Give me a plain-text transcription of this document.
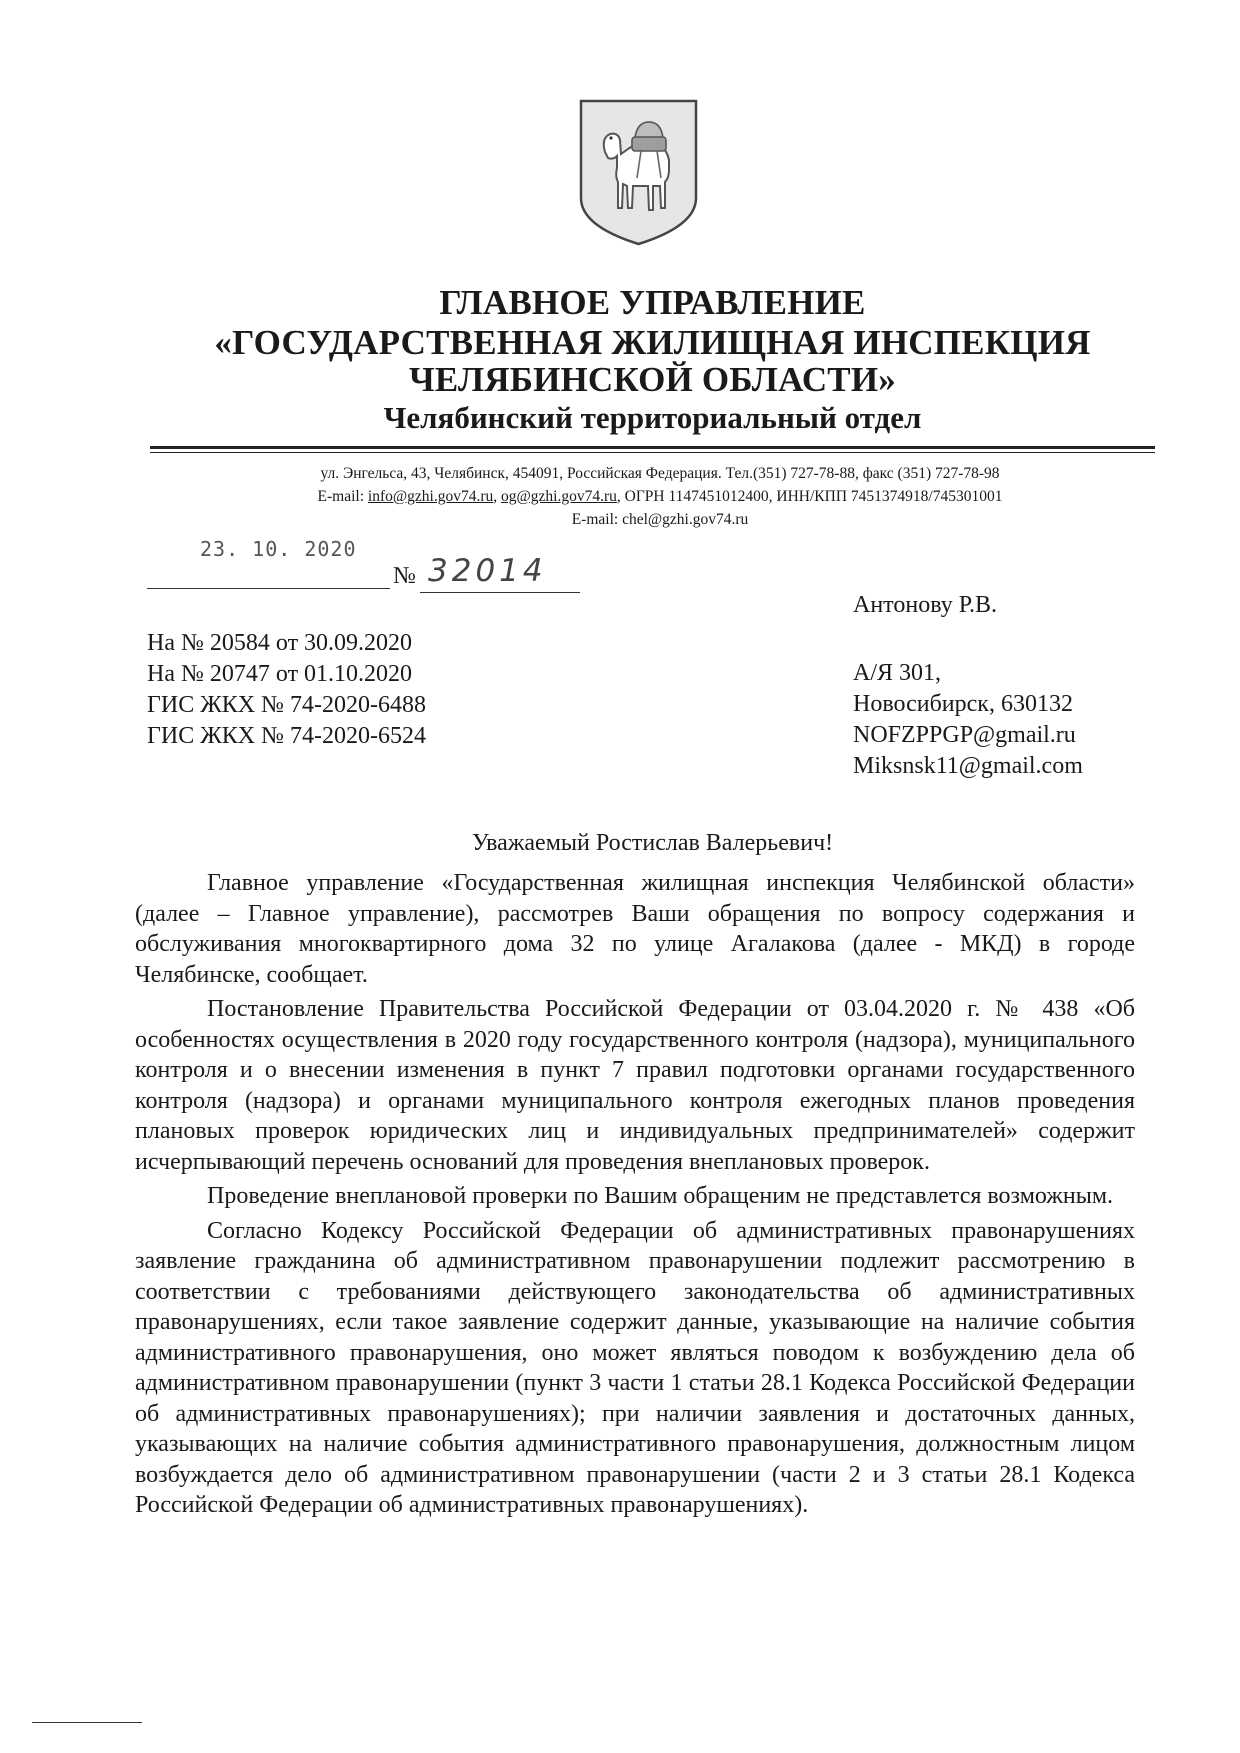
ГЛАВНОЕ УПРАВЛЕНИЕ
«ГОСУДАРСТВЕННАЯ ЖИЛИЩНАЯ ИНСПЕКЦИЯ
ЧЕЛЯБИНСКОЙ ОБЛАСТИ»
Челябинский территориальный отдел
ул. Энгельса, 43, Челябинск, 454091, Российская Федерация. Тел.(351) 727-78-88, факс (351) 727-78-98
E-mail: info@gzhi.gov74.ru, og@gzhi.gov74.ru, ОГРН 1147451012400, ИНН/КПП 7451374918/745301001
E-mail: chel@gzhi.gov74.ru
23. 10. 2020
№ 32014
Антонову Р.В.
А/Я 301,
Новосибирск, 630132
NOFZPPGP@gmail.ru
Miksnsk11@gmail.com
На № 20584 от 30.09.2020
На № 20747 от 01.10.2020
ГИС ЖКХ № 74-2020-6488
ГИС ЖКХ № 74-2020-6524
Уважаемый Ростислав Валерьевич!

Главное управление «Государственная жилищная инспекция Челябинской области» (далее – Главное управление), рассмотрев Ваши обращения по вопросу содержания и обслуживания многоквартирного дома 32 по улице Агалакова (далее - МКД) в городе Челябинске, сообщает.

Постановление Правительства Российской Федерации от 03.04.2020 г. № 438 «Об особенностях осуществления в 2020 году государственного контроля (надзора), муниципального контроля и о внесении изменения в пункт 7 правил подготовки органами государственного контроля (надзора) и органами муниципального контроля ежегодных планов проведения плановых проверок юридических лиц и индивидуальных предпринимателей» содержит исчерпывающий перечень оснований для проведения внеплановых проверок.

Проведение внеплановой проверки по Вашим обращеним не представлется возможным.

Согласно Кодексу Российской Федерации об административных правонарушениях заявление гражданина об административном правонарушении подлежит рассмотрению в соответствии с требованиями действующего законодательства об административных правонарушениях, если такое заявление содержит данные, указывающие на наличие события административного правонарушения, оно может являться поводом к возбуждению дела об административном правонарушении (пункт 3 части 1 статьи 28.1 Кодекса Российской Федерации об административных правонарушениях); при наличии заявления и достаточных данных, указывающих на наличие события административного правонарушения, должностным лицом возбуждается дело об административном правонарушении (части 2 и 3 статьи 28.1 Кодекса Российской Федерации об административных правонарушениях).
